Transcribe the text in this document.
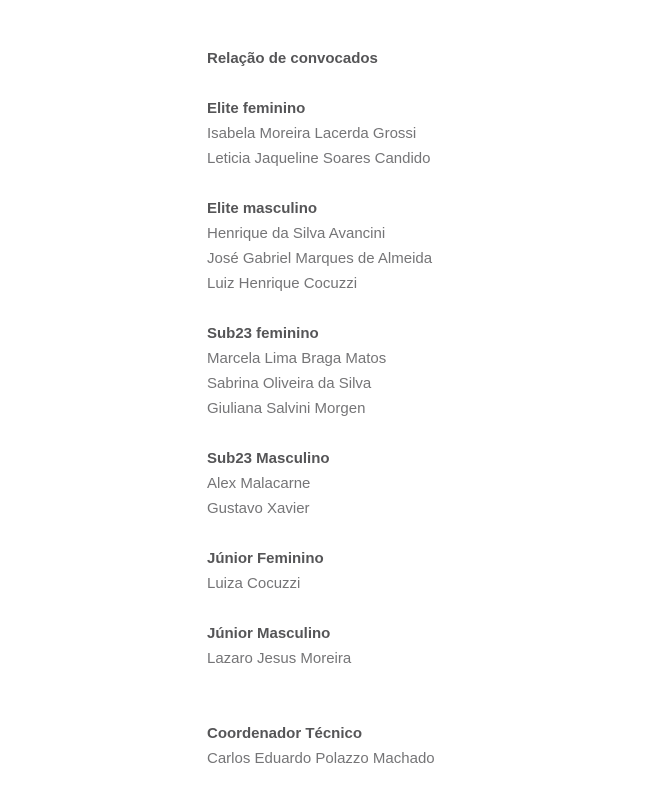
Relação de convocados

Elite feminino

Isabela Moreira Lacerda Grossi

Leticia Jaqueline Soares Candido

Elite masculino

Henrique da Silva Avancini

José Gabriel Marques de Almeida

Luiz Henrique Cocuzzi

Sub23 feminino

Marcela Lima Braga Matos

Sabrina Oliveira da Silva

Giuliana Salvini Morgen

Sub23 Masculino

Alex Malacarne

Gustavo Xavier

Júnior Feminino

Luiza Cocuzzi

Júnior Masculino

Lazaro Jesus Moreira

Coordenador Técnico

Carlos Eduardo Polazzo Machado
